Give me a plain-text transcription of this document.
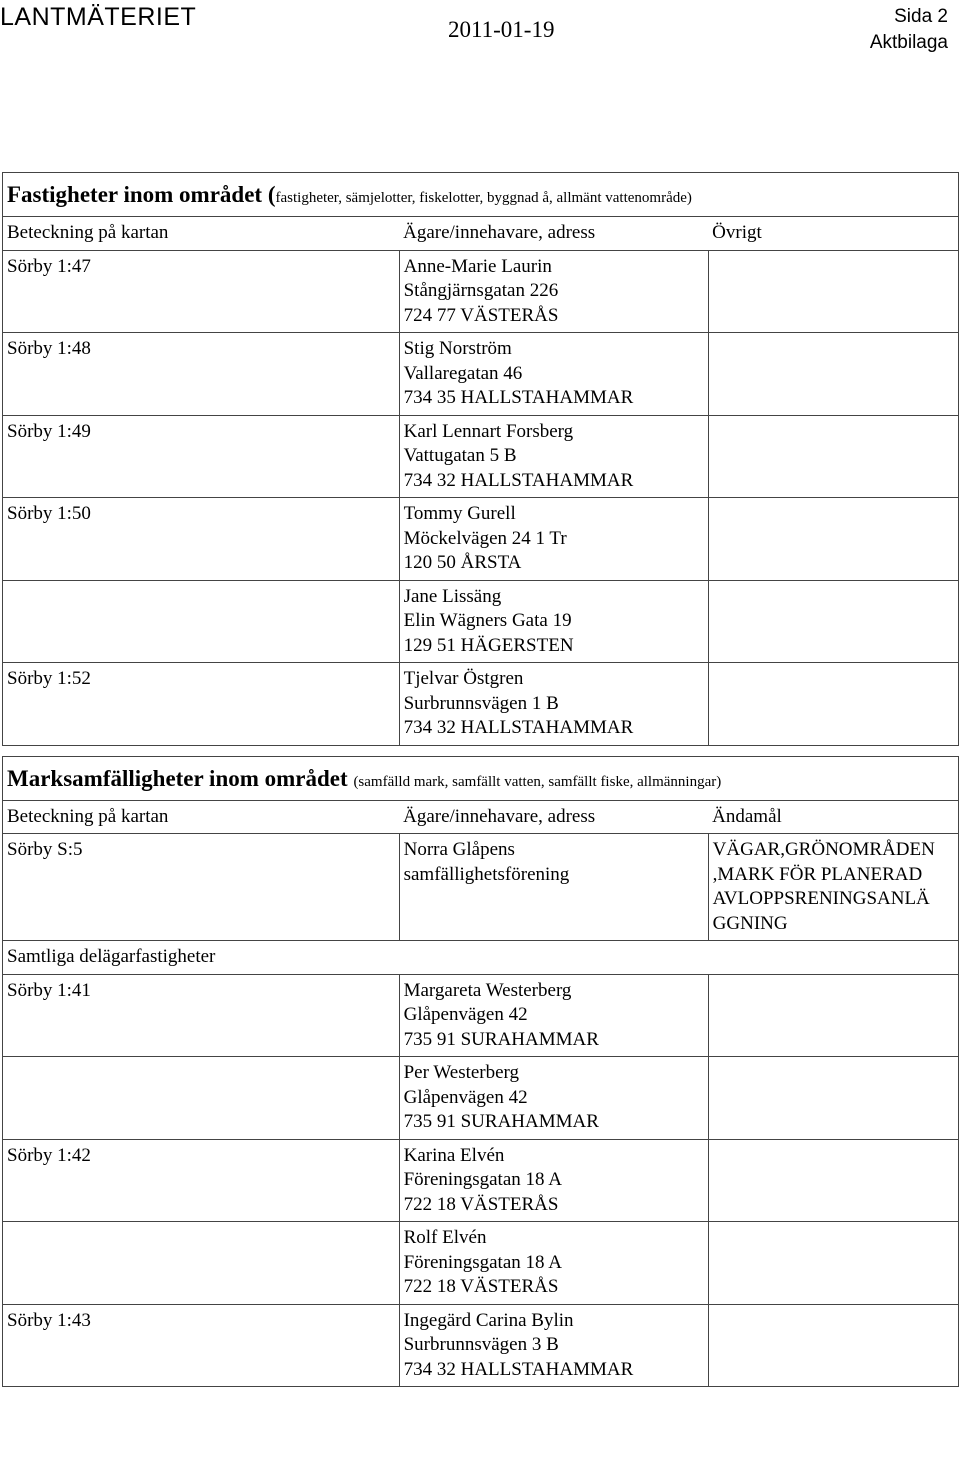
LANTMÄTERIET	2011-01-19
Sida 2
Aktbilaga
Fastigheter inom området (fastigheter, sämjelotter, fiskelotter, byggnad å, allmänt vattenområde)		
Beteckning på kartan	Ägare/innehavare, adress	Övrigt
Sörby 1:47	Anne-Marie Laurin
Stångjärnsgatan 226
724 77 VÄSTERÅS	

Sörby 1:48	Stig Norström
Vallaregatan 46
734 35 HALLSTAHAMMAR	

Sörby 1:49	Karl Lennart Forsberg
Vattugatan 5 B
734 32 HALLSTAHAMMAR	

Sörby 1:50	Tommy Gurell
Möckelvägen 24 1 Tr
120 50 ÅRSTA	

	Jane Lissäng
Elin Wägners Gata 19
129 51 HÄGERSTEN	

Sörby 1:52	Tjelvar Östgren
Surbrunnsvägen 1 B
734 32 HALLSTAHAMMAR	

Marksamfälligheter inom området (samfälld mark, samfällt vatten, samfällt fiske, allmänningar)		
Beteckning på kartan	Ägare/innehavare, adress	Ändamål
Sörby S:5	Norra Glåpens
samfällighetsförening	VÄGAR,GRÖNOMRÅDEN
,MARK FÖR PLANERAD
AVLOPPSRENINGSANLÄ
GGNING

Samtliga delägarfastigheter		
Sörby 1:41	Margareta Westerberg
Glåpenvägen 42
735 91 SURAHAMMAR	

	Per Westerberg
Glåpenvägen 42
735 91 SURAHAMMAR	

Sörby 1:42	Karina Elvén
Föreningsgatan 18 A
722 18 VÄSTERÅS	

	Rolf Elvén
Föreningsgatan 18 A
722 18 VÄSTERÅS	

Sörby 1:43	Ingegärd Carina Bylin
Surbrunnsvägen 3 B
734 32 HALLSTAHAMMAR	
